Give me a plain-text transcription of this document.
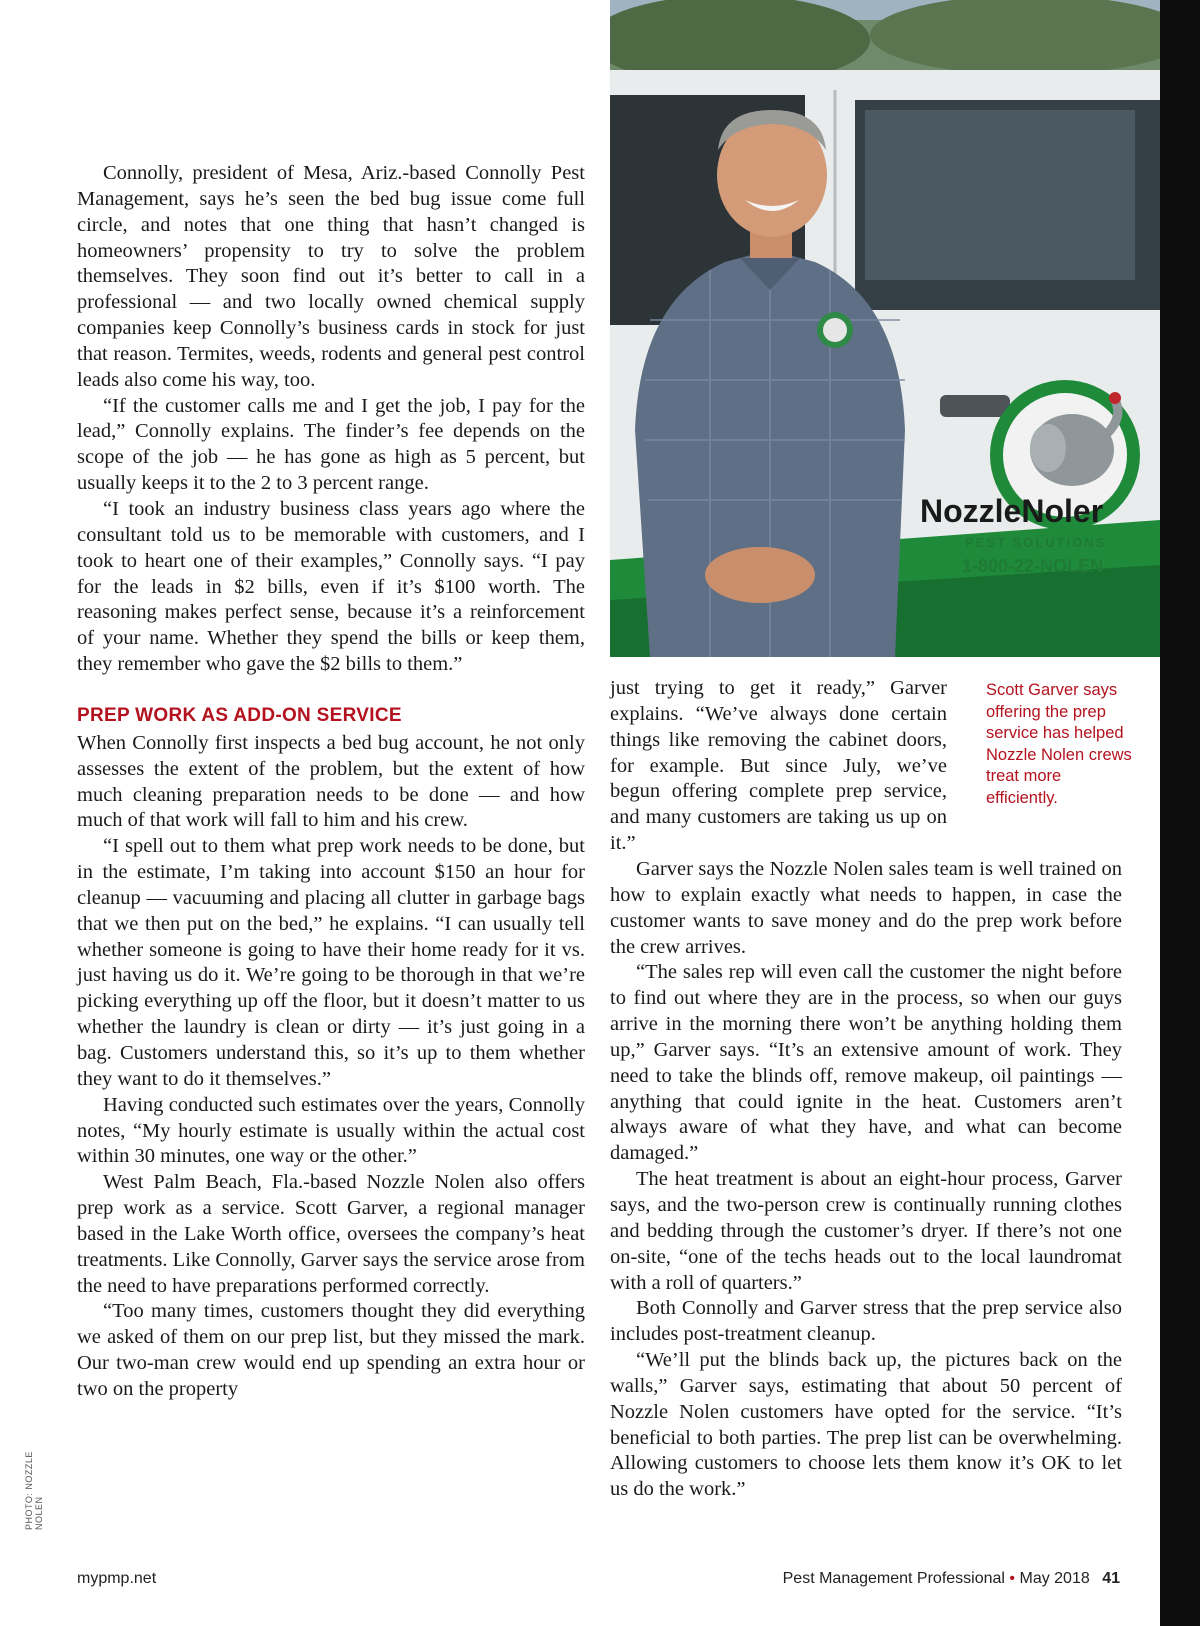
PHOTO: NOZZLE NOLEN
NozzleNoler
PEST SOLUTIONS
1-800-22-NOLEN

Connolly, president of Mesa, Ariz.-based Connolly Pest Management, says he’s seen the bed bug issue come full circle, and notes that one thing that hasn’t changed is homeowners’ propensity to try to solve the problem themselves. They soon find out it’s better to call in a professional — and two locally owned chemical supply companies keep Connolly’s business cards in stock for just that reason. Termites, weeds, rodents and general pest control leads also come his way, too.

“If the customer calls me and I get the job, I pay for the lead,” Connolly explains. The finder’s fee depends on the scope of the job — he has gone as high as 5 percent, but usually keeps it to the 2 to 3 percent range.

“I took an industry business class years ago where the consultant told us to be memorable with customers, and I took to heart one of their examples,” Connolly says. “I pay for the leads in $2 bills, even if it’s $100 worth. The reasoning makes perfect sense, because it’s a reinforcement of your name. Whether they spend the bills or keep them, they remember who gave the $2 bills to them.”

PREP WORK AS ADD-ON SERVICE

When Connolly first inspects a bed bug account, he not only assesses the extent of the problem, but the extent of how much cleaning preparation needs to be done — and how much of that work will fall to him and his crew.

“I spell out to them what prep work needs to be done, but in the estimate, I’m taking into account $150 an hour for cleanup — vacuuming and placing all clutter in garbage bags that we then put on the bed,” he explains. “I can usually tell whether someone is going to have their home ready for it vs. just having us do it. We’re going to be thorough in that we’re picking everything up off the floor, but it doesn’t matter to us whether the laundry is clean or dirty — it’s just going in a bag. Customers understand this, so it’s up to them whether they want to do it themselves.”

Having conducted such estimates over the years, Connolly notes, “My hourly estimate is usually within the actual cost within 30 minutes, one way or the other.”

West Palm Beach, Fla.-based Nozzle Nolen also offers prep work as a service. Scott Garver, a regional manager based in the Lake Worth office, oversees the company’s heat treatments. Like Connolly, Garver says the service arose from the need to have preparations performed correctly.

“Too many times, customers thought they did everything we asked of them on our prep list, but they missed the mark. Our two-man crew would end up spending an extra hour or two on the property

just trying to get it ready,” Garver explains. “We’ve always done certain things like removing the cabinet doors, for example. But since July, we’ve begun offering complete prep service, and many customers are taking us up on it.”

Scott Garver says offering the prep service has helped Nozzle Nolen crews treat more efficiently.

Garver says the Nozzle Nolen sales team is well trained on how to explain exactly what needs to happen, in case the customer wants to save money and do the prep work before the crew arrives.

“The sales rep will even call the customer the night before to find out where they are in the process, so when our guys arrive in the morning there won’t be anything holding them up,” Garver says. “It’s an extensive amount of work. They need to take the blinds off, remove makeup, oil paintings — anything that could ignite in the heat. Customers aren’t always aware of what they have, and what can become damaged.”

The heat treatment is about an eight-hour process, Garver says, and the two-person crew is continually running clothes and bedding through the customer’s dryer. If there’s not one on-site, “one of the techs heads out to the local laundromat with a roll of quarters.”

Both Connolly and Garver stress that the prep service also includes post-treatment cleanup.

“We’ll put the blinds back up, the pictures back on the walls,” Garver says, estimating that about 50 percent of Nozzle Nolen customers have opted for the service. “It’s beneficial to both parties. The prep list can be overwhelming. Allowing customers to choose lets them know it’s OK to let us do the work.”

mypmp.net	Pest Management Professional • May 2018 41
